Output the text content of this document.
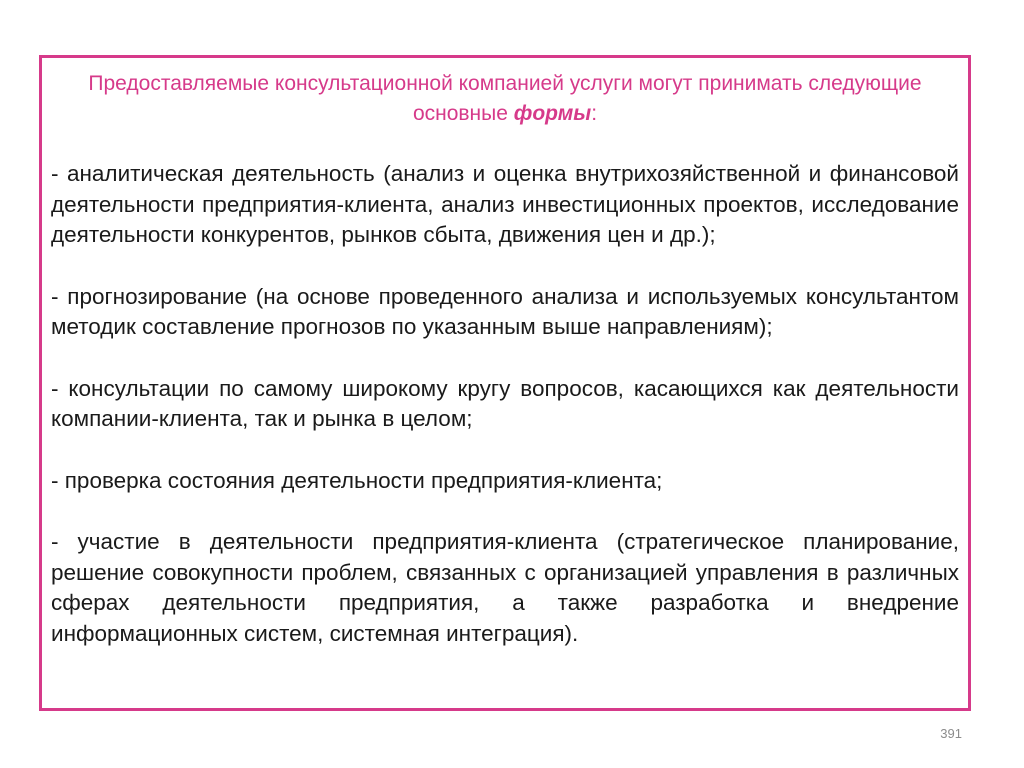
Предоставляемые консультационной компанией услуги могут принимать следующие основные формы:

- аналитическая деятельность (анализ и оценка внутрихозяйственной и финансовой деятельности предприятия-клиента, анализ инвестиционных проектов, исследование деятельности конкурентов, рынков сбыта, движения цен и др.);

- прогнозирование (на основе проведенного анализа и используемых консультантом методик составление прогнозов по указанным выше направлениям);

- консультации по самому широкому кругу вопросов, касающихся как деятельности компании-клиента, так и рынка в целом;

- проверка состояния деятельности предприятия-клиента;

- участие в деятельности предприятия-клиента (стратегическое планирование, решение совокупности проблем, связанных с организацией управления в различных сферах деятельности предприятия, а также разработка и внедрение информационных систем, системная интеграция).

391
